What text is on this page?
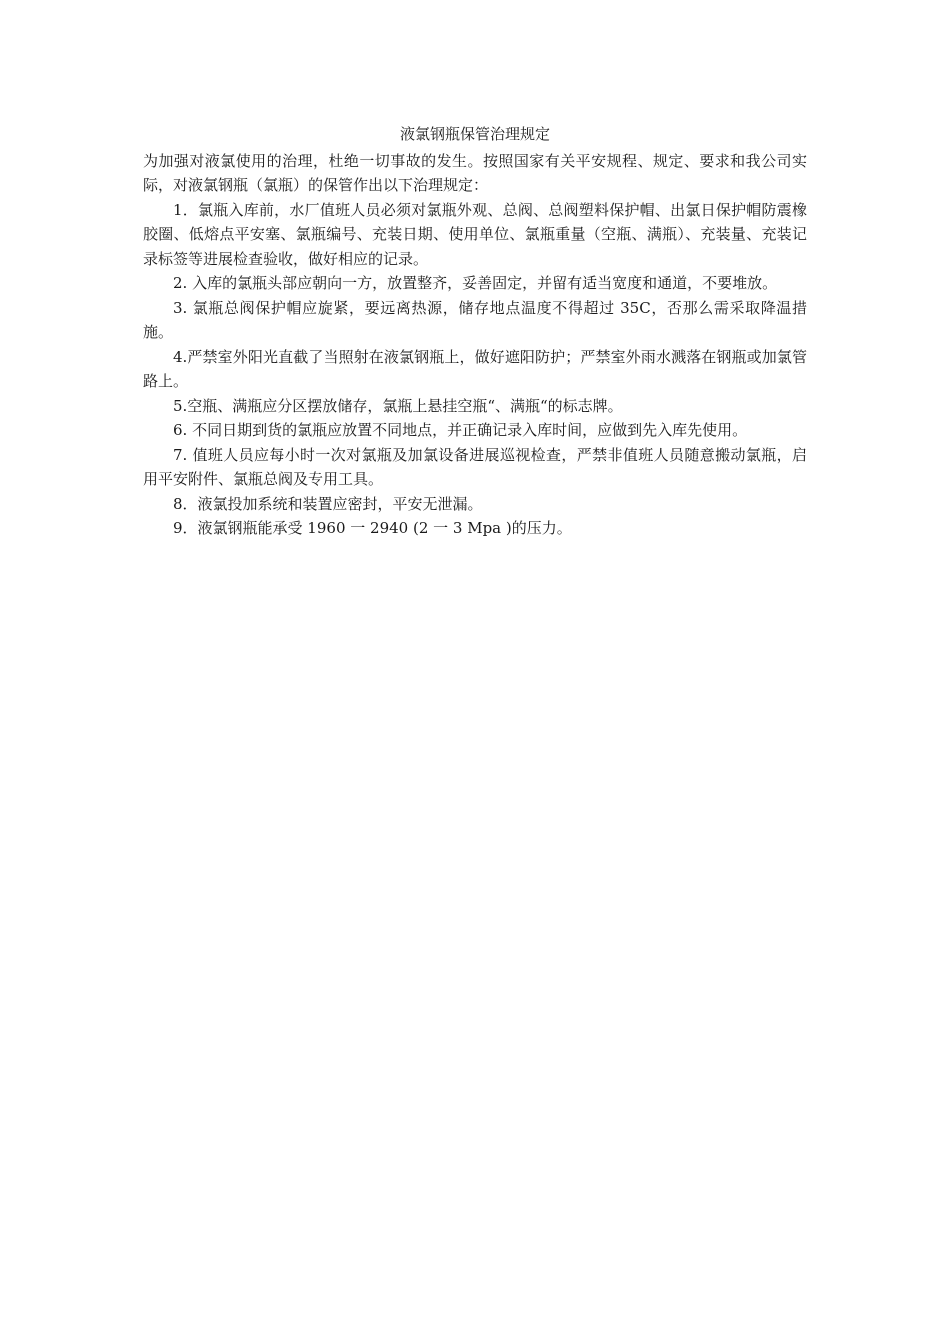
液氯钢瓶保管治理规定

为加强对液氯使用的治理，杜绝一切事故的发生。按照国家有关平安规程、规定、要求和我公司实际，对液氯钢瓶（氯瓶）的保管作出以下治理规定：

1．氯瓶入库前，水厂值班人员必须对氯瓶外观、总阀、总阀塑料保护帽、出氯日保护帽防震橡胶圈、低熔点平安塞、氯瓶编号、充装日期、使用单位、氯瓶重量（空瓶、满瓶）、充装量、充装记录标签等进展检查验收，做好相应的记录。

2. 入库的氯瓶头部应朝向一方，放置整齐，妥善固定，并留有适当宽度和通道，不要堆放。

3. 氯瓶总阀保护帽应旋紧，要远离热源，储存地点温度不得超过 35C，否那么需采取降温措施。

4.严禁室外阳光直截了当照射在液氯钢瓶上，做好遮阳防护；严禁室外雨水溅落在钢瓶或加氯管路上。

5.空瓶、满瓶应分区摆放储存，氯瓶上悬挂空瓶“、满瓶“的标志牌。

6. 不同日期到货的氯瓶应放置不同地点，并正确记录入库时间，应做到先入库先使用。

7. 值班人员应每小时一次对氯瓶及加氯设备进展巡视检查，严禁非值班人员随意搬动氯瓶，启用平安附件、氯瓶总阀及专用工具。

8．液氯投加系统和装置应密封，平安无泄漏。

9．液氯钢瓶能承受 1960 一 2940 (2 一 3 Mpa )的压力。
